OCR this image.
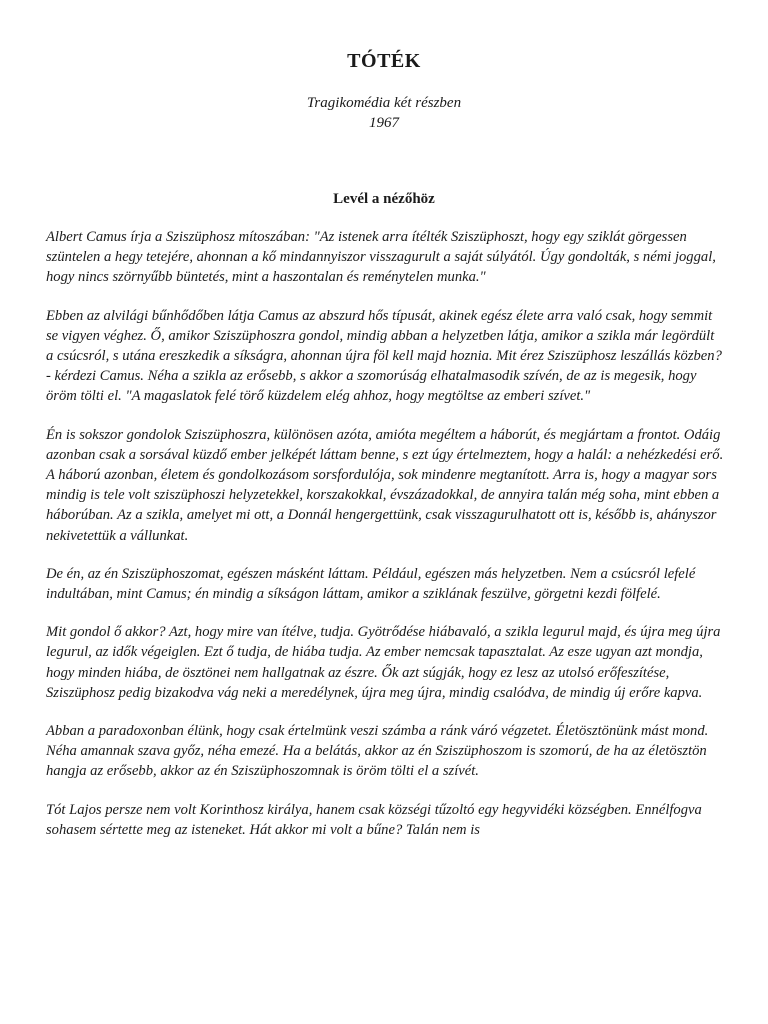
TÓTÉK
Tragikomédia két részben
1967
Levél a nézőhöz

Albert Camus írja a Sziszüphosz mítoszában: "Az istenek arra ítélték Sziszüphoszt, hogy egy sziklát görgessen szüntelen a hegy tetejére, ahonnan a kő mindannyiszor visszagurult a saját súlyától. Úgy gondolták, s némi joggal, hogy nincs szörnyűbb büntetés, mint a haszontalan és reménytelen munka."

Ebben az alvilági bűnhődőben látja Camus az abszurd hős típusát, akinek egész élete arra való csak, hogy semmit se vigyen véghez. Ő, amikor Sziszüphoszra gondol, mindig abban a helyzetben látja, amikor a szikla már legördült a csúcsról, s utána ereszkedik a síkságra, ahonnan újra föl kell majd hoznia. Mit érez Sziszüphosz leszállás közben? - kérdezi Camus. Néha a szikla az erősebb, s akkor a szomorúság elhatalmasodik szívén, de az is megesik, hogy öröm tölti el. "A magaslatok felé törő küzdelem elég ahhoz, hogy megtöltse az emberi szívet."

Én is sokszor gondolok Sziszüphoszra, különösen azóta, amióta megéltem a háborút, és megjártam a frontot. Odáig azonban csak a sorsával küzdő ember jelképét láttam benne, s ezt úgy értelmeztem, hogy a halál: a nehézkedési erő. A háború azonban, életem és gondolkozásom sorsfordulója, sok mindenre megtanított. Arra is, hogy a magyar sors mindig is tele volt sziszüphoszi helyzetekkel, korszakokkal, évszázadokkal, de annyira talán még soha, mint ebben a háborúban. Az a szikla, amelyet mi ott, a Donnál hengergettünk, csak visszagurulhatott ott is, később is, ahányszor nekivetettük a vállunkat.

De én, az én Sziszüphoszomat, egészen másként láttam. Például, egészen más helyzetben. Nem a csúcsról lefelé indultában, mint Camus; én mindig a síkságon láttam, amikor a sziklának feszülve, görgetni kezdi fölfelé.

Mit gondol ő akkor? Azt, hogy mire van ítélve, tudja. Gyötrődése hiábavaló, a szikla legurul majd, és újra meg újra legurul, az idők végeiglen. Ezt ő tudja, de hiába tudja. Az ember nemcsak tapasztalat. Az esze ugyan azt mondja, hogy minden hiába, de ösztönei nem hallgatnak az észre. Ők azt súgják, hogy ez lesz az utolsó erőfeszítése, Sziszüphosz pedig bizakodva vág neki a meredélynek, újra meg újra, mindig csalódva, de mindig új erőre kapva.

Abban a paradoxonban élünk, hogy csak értelmünk veszi számba a ránk váró végzetet. Életösztönünk mást mond. Néha amannak szava győz, néha emezé. Ha a belátás, akkor az én Sziszüphoszom is szomorú, de ha az életösztön hangja az erősebb, akkor az én Sziszüphoszomnak is öröm tölti el a szívét.

Tót Lajos persze nem volt Korinthosz királya, hanem csak községi tűzoltó egy hegyvidéki községben. Ennélfogva sohasem sértette meg az isteneket. Hát akkor mi volt a bűne? Talán nem is
